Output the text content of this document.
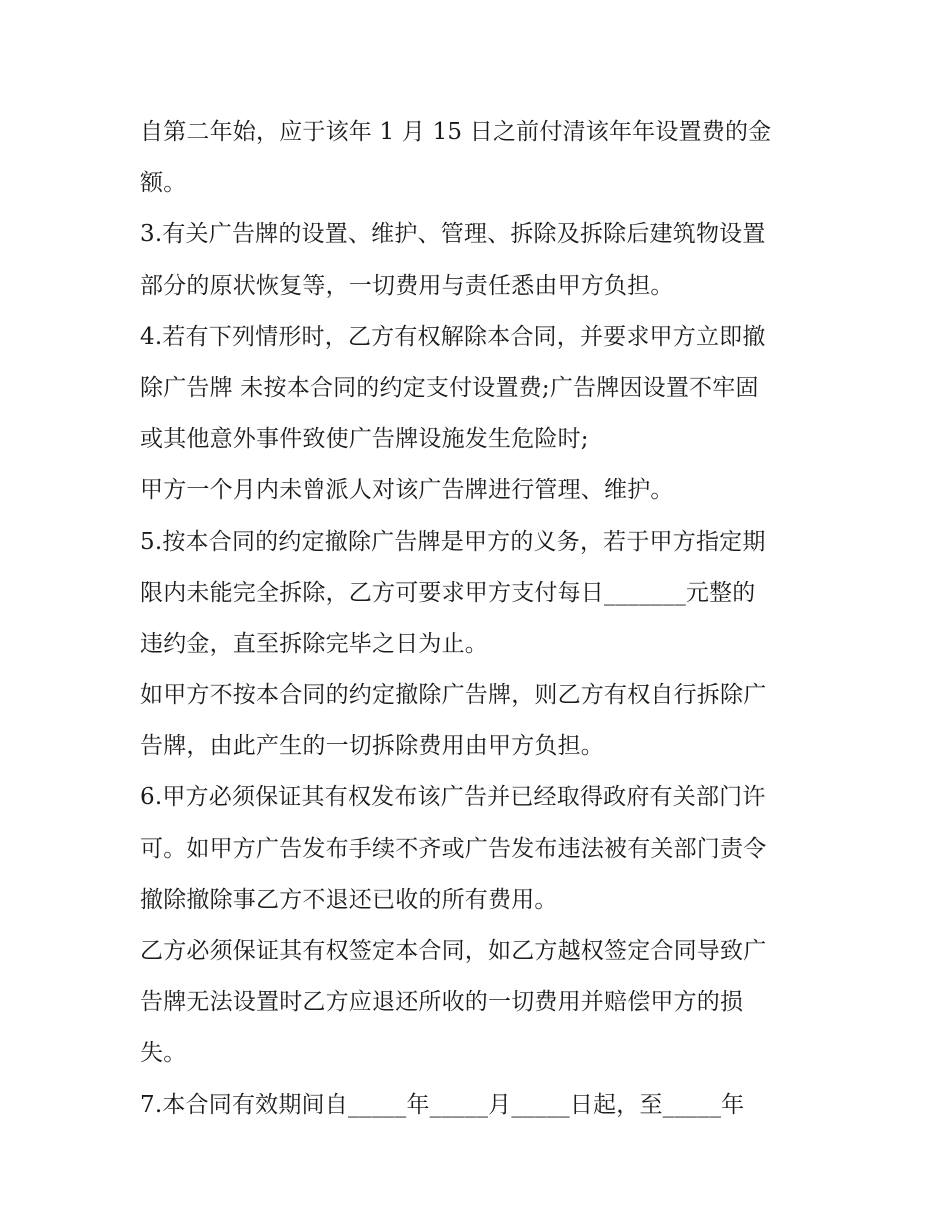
自第二年始，应于该年 1 月 15 日之前付清该年年设置费的金
额。
3.有关广告牌的设置、维护、管理、拆除及拆除后建筑物设置
部分的原状恢复等，一切费用与责任悉由甲方负担。
4.若有下列情形时，乙方有权解除本合同，并要求甲方立即撤
除广告牌 未按本合同的约定支付设置费;广告牌因设置不牢固
或其他意外事件致使广告牌设施发生危险时;
甲方一个月内未曾派人对该广告牌进行管理、维护。
5.按本合同的约定撤除广告牌是甲方的义务，若于甲方指定期
限内未能完全拆除，乙方可要求甲方支付每日_______元整的
违约金，直至拆除完毕之日为止。
如甲方不按本合同的约定撤除广告牌，则乙方有权自行拆除广
告牌，由此产生的一切拆除费用由甲方负担。
6.甲方必须保证其有权发布该广告并已经取得政府有关部门许
可。如甲方广告发布手续不齐或广告发布违法被有关部门责令
撤除撤除事乙方不退还已收的所有费用。
乙方必须保证其有权签定本合同，如乙方越权签定合同导致广
告牌无法设置时乙方应退还所收的一切费用并赔偿甲方的损
失。
7.本合同有效期间自_____年_____月_____日起，至_____年
